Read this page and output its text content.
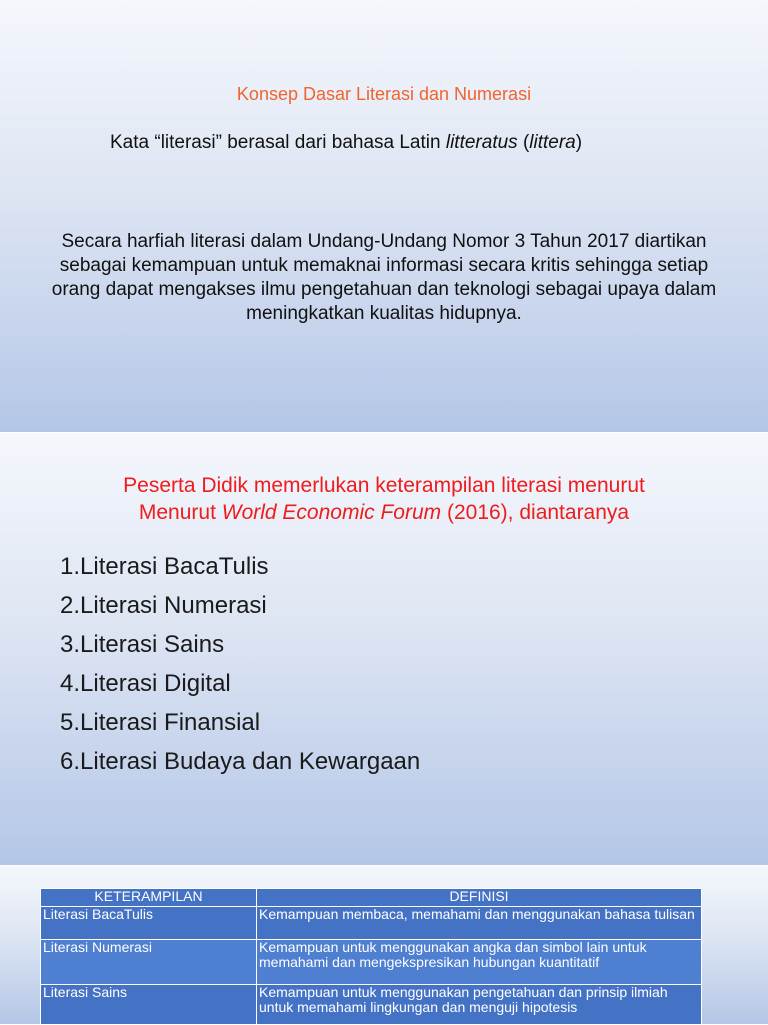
Konsep Dasar Literasi dan Numerasi
Kata “literasi” berasal dari bahasa Latin litteratus (littera)
Secara harfiah literasi dalam Undang-Undang Nomor 3 Tahun 2017 diartikan sebagai kemampuan untuk memaknai informasi secara kritis sehingga setiap orang dapat mengakses ilmu pengetahuan dan teknologi sebagai upaya dalam meningkatkan kualitas hidupnya.
Peserta Didik memerlukan keterampilan literasi menurut
Menurut World Economic Forum (2016), diantaranya
1.Literasi BacaTulis
2.Literasi Numerasi
3.Literasi Sains
4.Literasi Digital
5.Literasi Finansial
6.Literasi Budaya dan Kewargaan
KETERAMPILAN	DEFINISI
Literasi BacaTulis	Kemampuan membaca, memahami dan menggunakan bahasa tulisan
Literasi Numerasi	Kemampuan untuk menggunakan angka dan simbol lain untuk memahami dan mengekspresikan hubungan kuantitatif
Literasi Sains	Kemampuan untuk menggunakan pengetahuan dan prinsip ilmiah untuk memahami lingkungan dan menguji hipotesis
